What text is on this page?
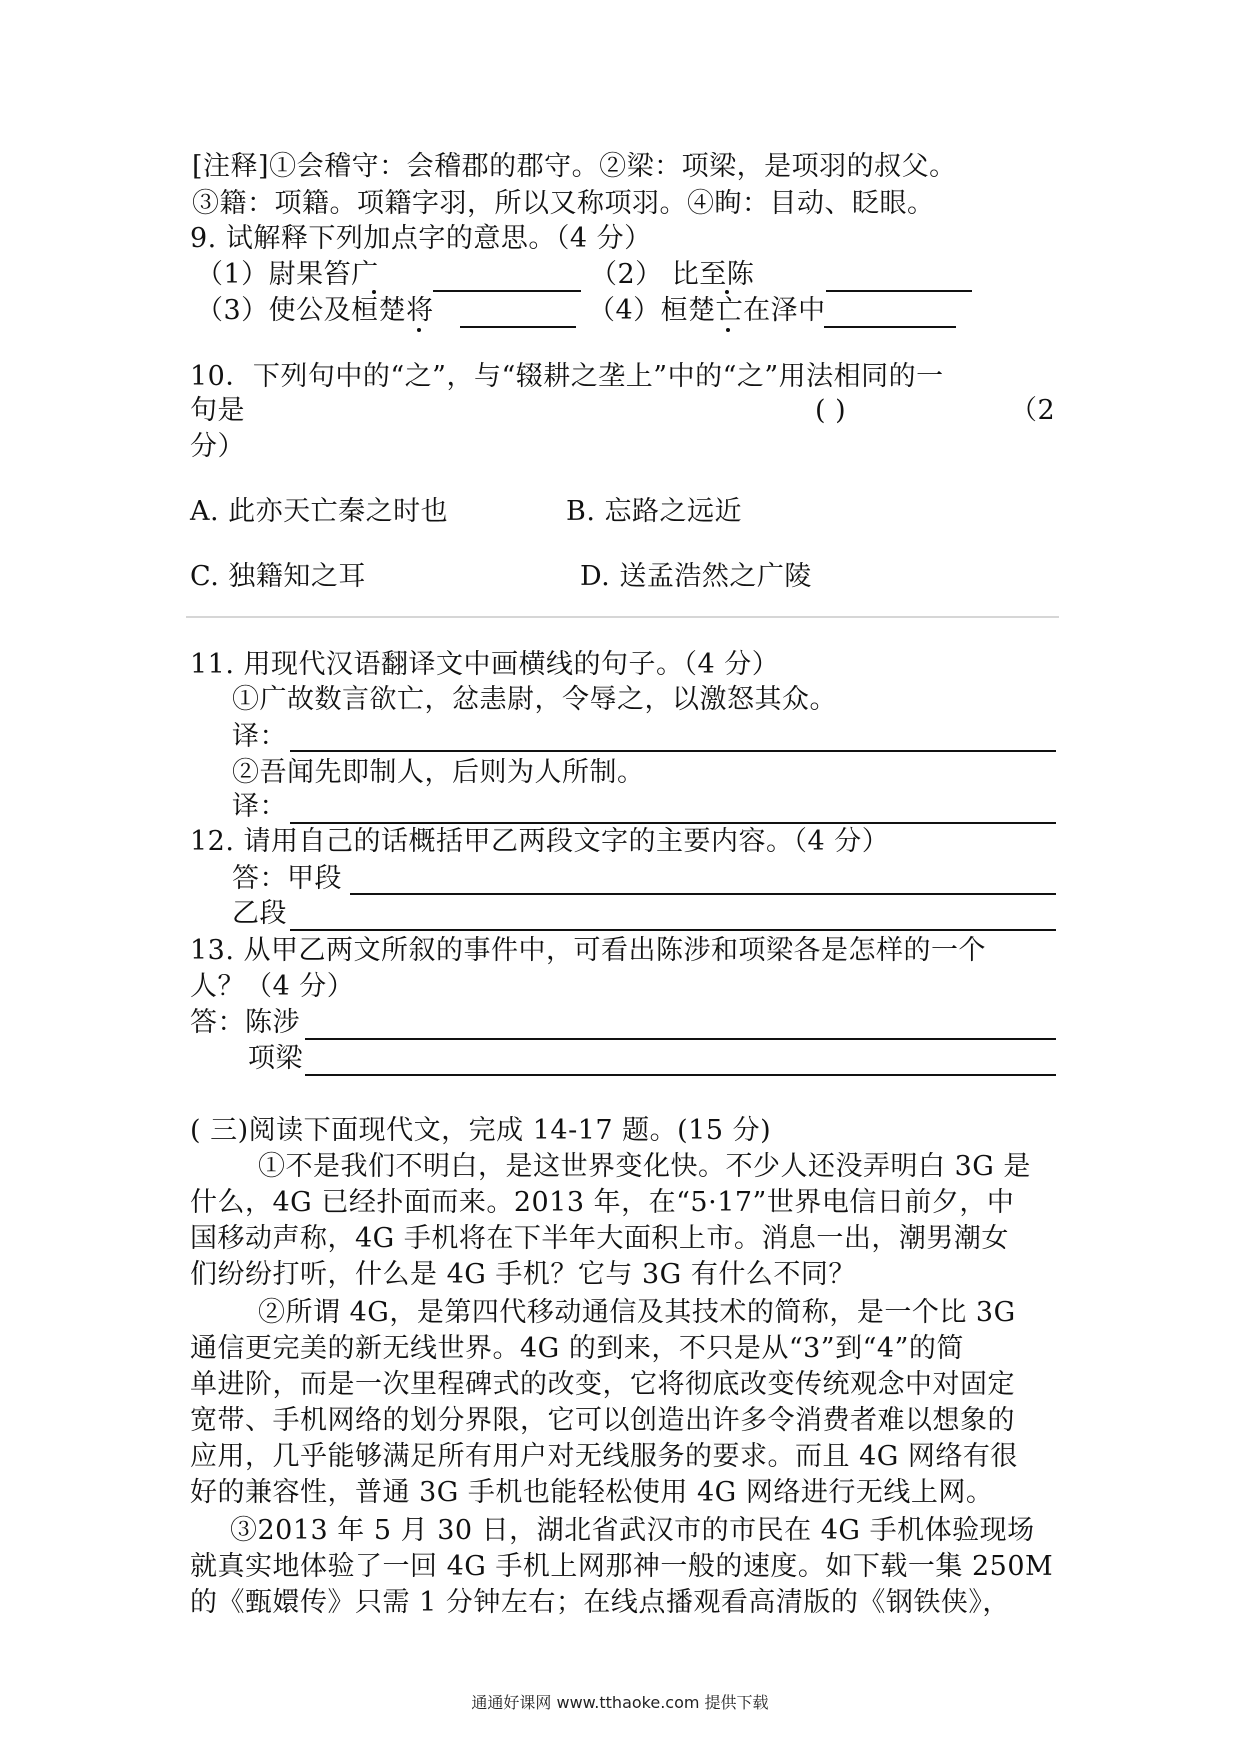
[注释]①会稽守：会稽郡的郡守。②梁：项梁，是项羽的叔父。
③籍：项籍。项籍字羽，所以又称项羽。④眴：目动、眨眼。
9. 试解释下列加点字的意思。（4 分）
（1）尉果笞广	（2） 比至陈
（3）使公及桓楚将	（4）桓楚亡在泽中
10．下列句中的“之”，与“辍耕之垄上”中的“之”用法相同的一
句是	( )	（2
分）
A. 此亦天亡秦之时也	B. 忘路之远近
C. 独籍知之耳	D. 送孟浩然之广陵
11. 用现代汉语翻译文中画横线的句子。（4 分）
①广故数言欲亡，忿恚尉，令辱之，以激怒其众。
译：
②吾闻先即制人，后则为人所制。
译：
12. 请用自己的话概括甲乙两段文字的主要内容。（4 分）
答：甲段
乙段
13. 从甲乙两文所叙的事件中，可看出陈涉和项梁各是怎样的一个
人？（4 分）
答：陈涉
项梁
( 三)阅读下面现代文，完成 14-17 题。(15 分)
①不是我们不明白，是这世界变化快。不少人还没弄明白 3G 是
什么，4G 已经扑面而来。2013 年，在“5·17”世界电信日前夕，中
国移动声称，4G 手机将在下半年大面积上市。消息一出，潮男潮女
们纷纷打听，什么是 4G 手机？它与 3G 有什么不同？
②所谓 4G，是第四代移动通信及其技术的简称，是一个比 3G
通信更完美的新无线世界。4G 的到来，不只是从“3”到“4”的简
单进阶，而是一次里程碑式的改变，它将彻底改变传统观念中对固定
宽带、手机网络的划分界限，它可以创造出许多令消费者难以想象的
应用，几乎能够满足所有用户对无线服务的要求。而且 4G 网络有很
好的兼容性，普通 3G 手机也能轻松使用 4G 网络进行无线上网。
③2013 年 5 月 30 日，湖北省武汉市的市民在 4G 手机体验现场
就真实地体验了一回 4G 手机上网那神一般的速度。如下载一集 250M
的《甄嬛传》只需 1 分钟左右；在线点播观看高清版的《钢铁侠》，
通通好课网 www.tthaoke.com 提供下载
